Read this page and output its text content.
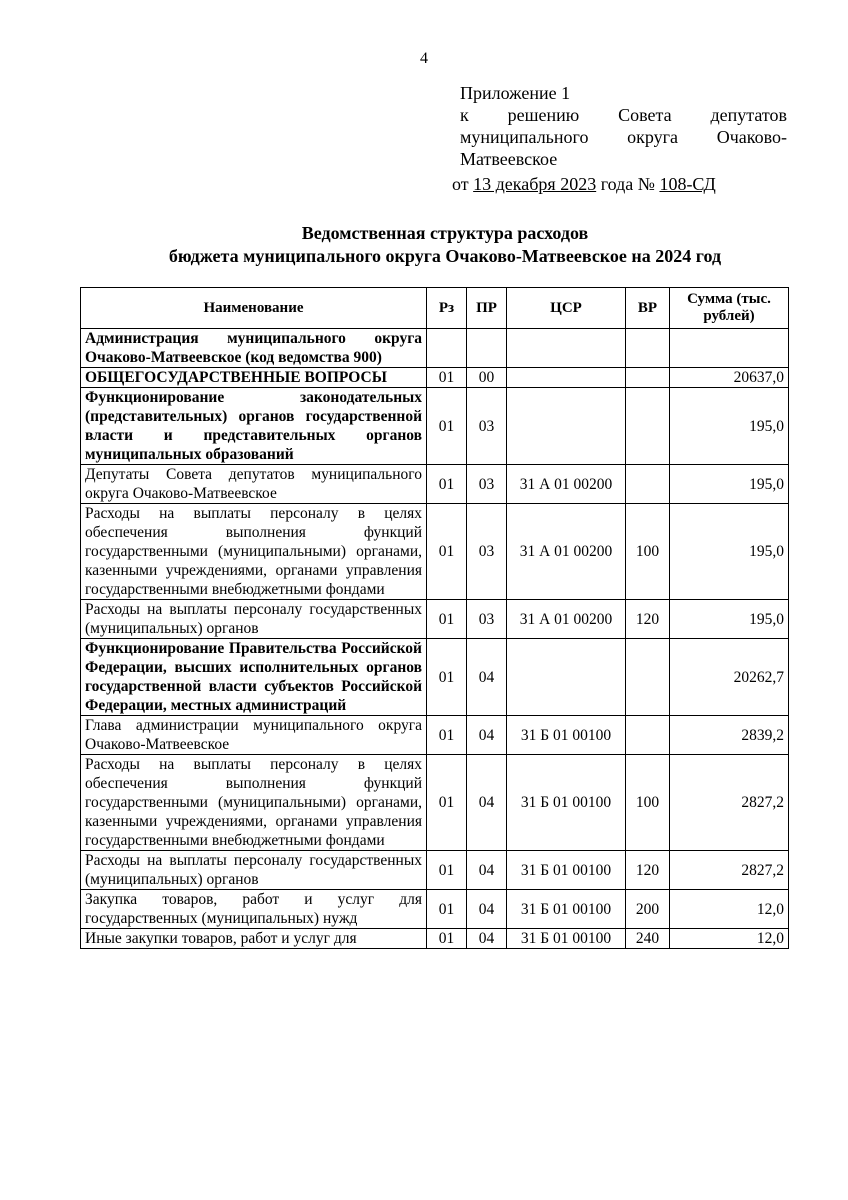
4
Приложение 1
к решению Совета депутатов
муниципального округа Очаково-
Матвеевское
от 13 декабря 2023 года № 108-СД
Ведомственная структура расходов
бюджета муниципального округа Очаково-Матвеевское на 2024 год
Наименование	Рз	ПР	ЦСР	ВР	Сумма (тыс. рублей)
Администрация муниципального округа Очаково-Матвеевское (код ведомства 900)					
ОБЩЕГОСУДАРСТВЕННЫЕ ВОПРОСЫ	01	00			20637,0
Функционирование законодательных (представительных) органов государственной власти и представительных органов муниципальных образований	01	03			195,0
Депутаты Совета депутатов муниципального округа Очаково-Матвеевское	01	03	31 А 01 00200		195,0
Расходы на выплаты персоналу в целях обеспечения выполнения функций государственными (муниципальными) органами, казенными учреждениями, органами управления государственными внебюджетными фондами	01	03	31 А 01 00200	100	195,0
Расходы на выплаты персоналу государственных (муниципальных) органов	01	03	31 А 01 00200	120	195,0
Функционирование Правительства Российской Федерации, высших исполнительных органов государственной власти субъектов Российской Федерации, местных администраций	01	04			20262,7
Глава администрации муниципального округа Очаково-Матвеевское	01	04	31 Б 01 00100		2839,2
Расходы на выплаты персоналу в целях обеспечения выполнения функций государственными (муниципальными) органами, казенными учреждениями, органами управления государственными внебюджетными фондами	01	04	31 Б 01 00100	100	2827,2
Расходы на выплаты персоналу государственных (муниципальных) органов	01	04	31 Б 01 00100	120	2827,2
Закупка товаров, работ и услуг для государственных (муниципальных) нужд	01	04	31 Б 01 00100	200	12,0
Иные закупки товаров, работ и услуг для	01	04	31 Б 01 00100	240	12,0
